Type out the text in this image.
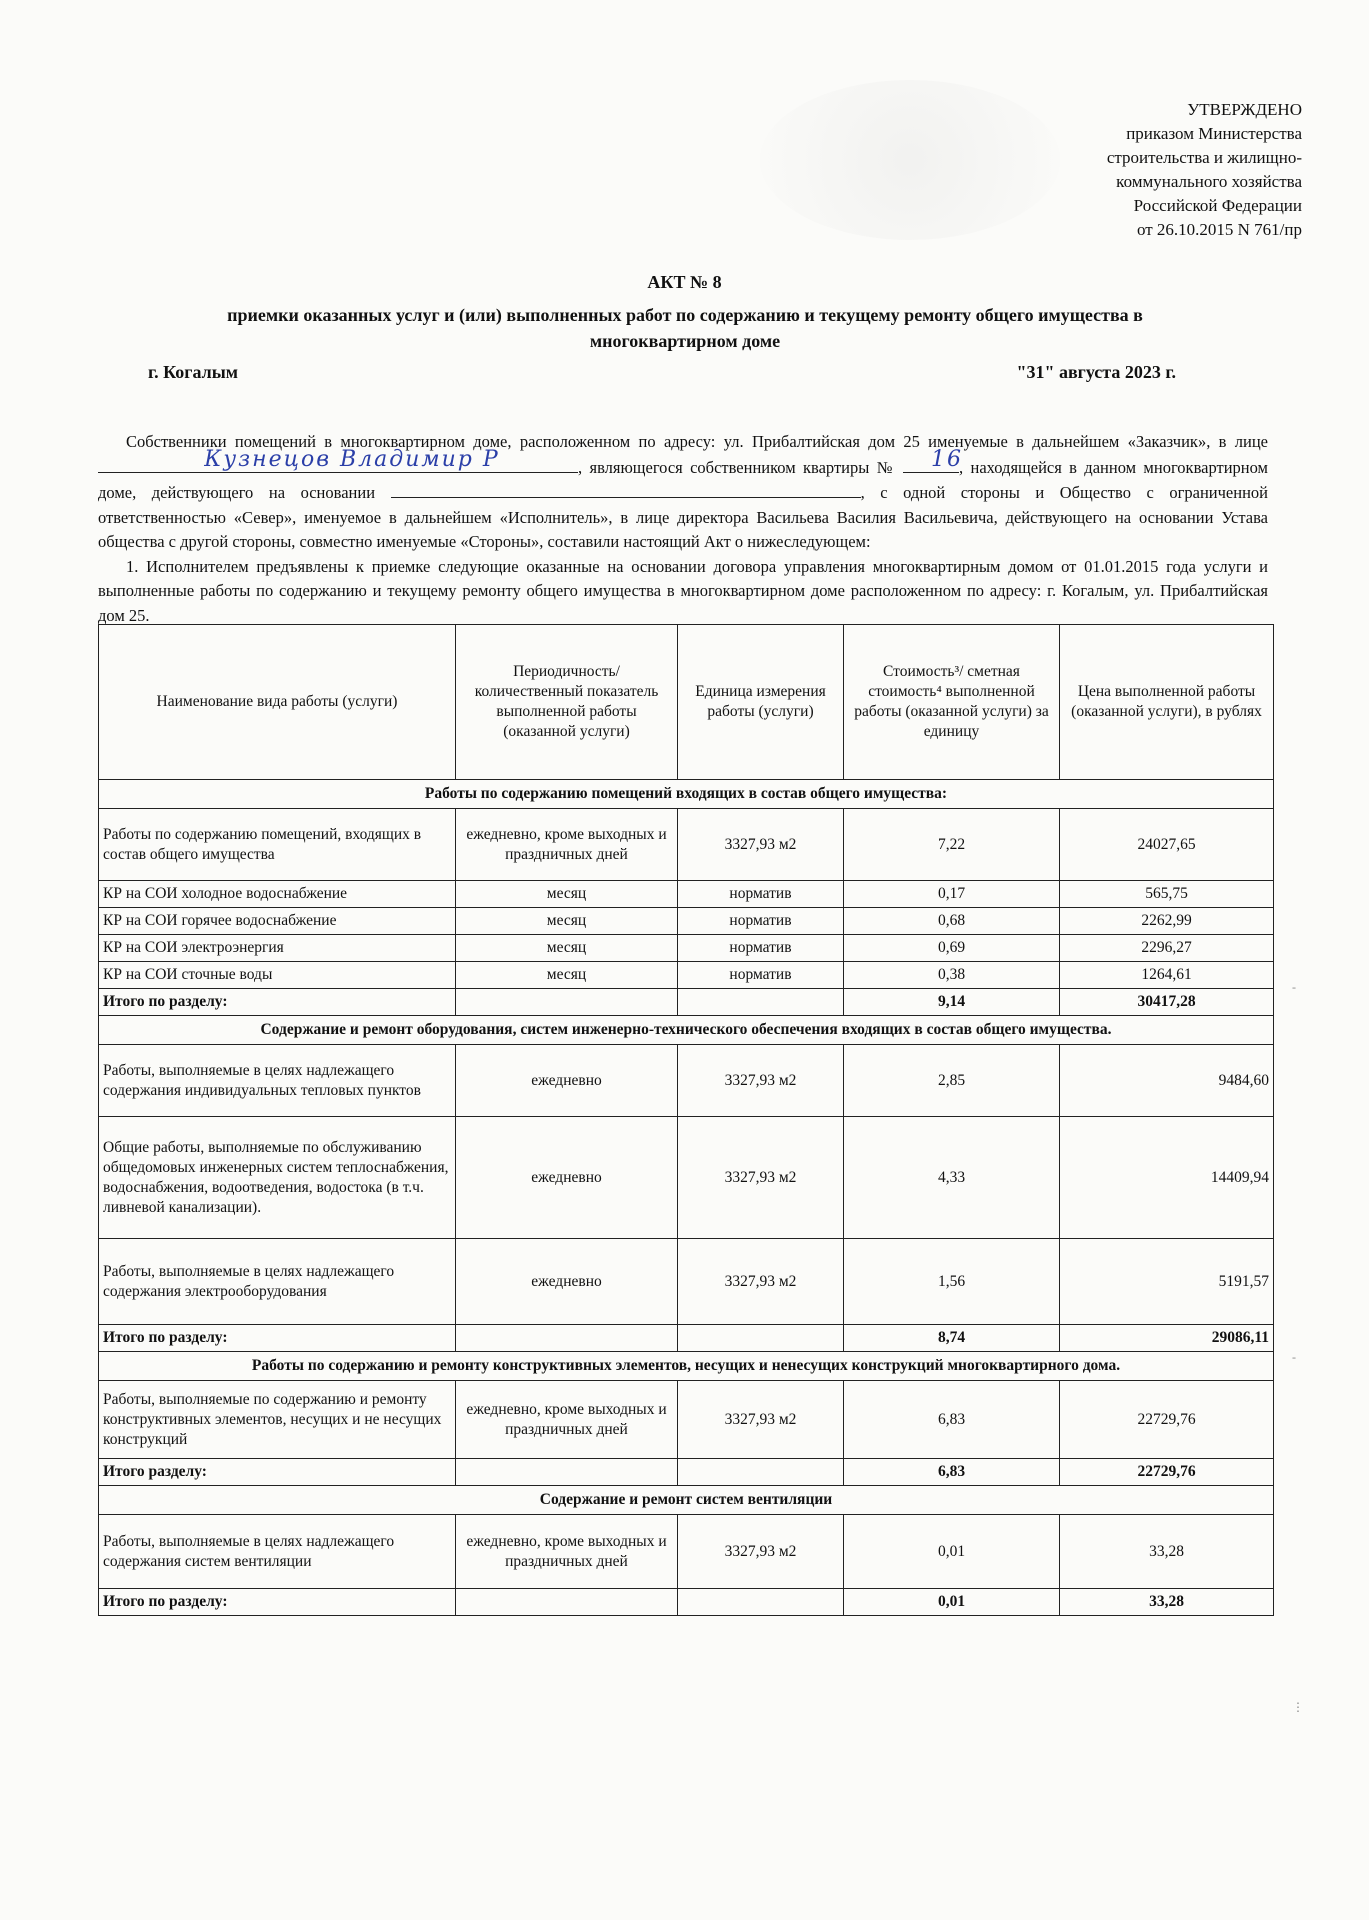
УТВЕРЖДЕНО
приказом Министерства
строительства и жилищно-
коммунального хозяйства
Российской Федерации
от 26.10.2015 N 761/пр
АКТ № 8
приемки оказанных услуг и (или) выполненных работ по содержанию и текущему ремонту общего имущества в многоквартирном доме
г. Когалым	"31" августа 2023 г.

Собственники помещений в многоквартирном доме, расположенном по адресу: ул. Прибалтийская дом 25 именуемые в дальнейшем «Заказчик», в лице
Кузнецов Владимир Р	, являющегося собственником квартиры №	16
, находящейся в данном многоквартирном доме, действующего на основании	, с одной стороны и Общество с ограниченной ответственностью «Север», именуемое в дальнейшем «Исполнитель», в лице директора Васильева Василия Васильевича, действующего на основании Устава общества с другой стороны, совместно именуемые «Стороны», составили настоящий Акт о нижеследующем:

1. Исполнителем предъявлены к приемке следующие оказанные на основании договора управления многоквартирным домом от 01.01.2015 года услуги и выполненные работы по содержанию и текущему ремонту общего имущества в многоквартирном доме расположенном по адресу: г. Когалым, ул. Прибалтийская дом 25.

Наименование вида работы (услуги)	Периодичность/ количественный показатель выполненной работы (оказанной услуги)	Единица измерения работы (услуги)	Стоимость³/ сметная стоимость⁴ выполненной работы (оказанной услуги) за единицу	Цена выполненной работы (оказанной услуги), в рублях
Работы по содержанию помещений входящих в состав общего имущества:				
Работы по содержанию помещений, входящих в состав общего имущества	ежедневно, кроме выходных и праздничных дней	3327,93 м2	7,22	24027,65
КР на СОИ холодное водоснабжение	месяц	норматив	0,17	565,75
КР на СОИ горячее водоснабжение	месяц	норматив	0,68	2262,99
КР на СОИ электроэнергия	месяц	норматив	0,69	2296,27
КР на СОИ сточные воды	месяц	норматив	0,38	1264,61
Итого по разделу:			9,14	30417,28
Содержание и ремонт оборудования, систем инженерно-технического обеспечения входящих в состав общего имущества.				
Работы, выполняемые в целях надлежащего содержания индивидуальных тепловых пунктов	ежедневно	3327,93 м2	2,85	9484,60
Общие работы, выполняемые по обслуживанию общедомовых инженерных систем теплоснабжения, водоснабжения, водоотведения, водостока (в т.ч. ливневой канализации).	ежедневно	3327,93 м2	4,33	14409,94
Работы, выполняемые в целях надлежащего содержания электрооборудования	ежедневно	3327,93 м2	1,56	5191,57
Итого по разделу:			8,74	29086,11
Работы по содержанию и ремонту конструктивных элементов, несущих и ненесущих конструкций многоквартирного дома.				
Работы, выполняемые по содержанию и ремонту конструктивных элементов, несущих и не несущих конструкций	ежедневно, кроме выходных и праздничных дней	3327,93 м2	6,83	22729,76
Итого разделу:			6,83	22729,76
Содержание и ремонт систем вентиляции				
Работы, выполняемые в целях надлежащего содержания систем вентиляции	ежедневно, кроме выходных и праздничных дней	3327,93 м2	0,01	33,28
Итого по разделу:			0,01	33,28
-
-
⋮
